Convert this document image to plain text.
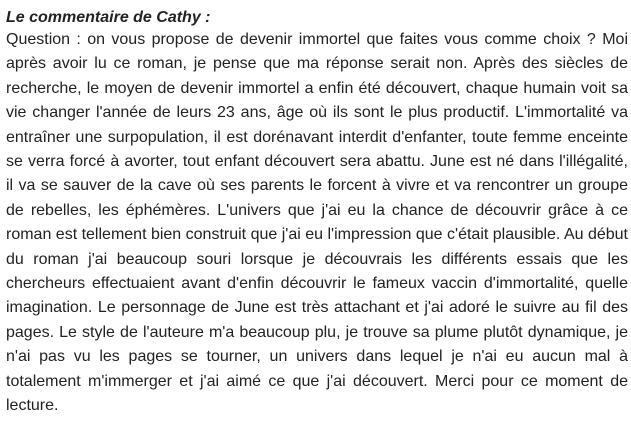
Le commentaire de Cathy :

Question : on vous propose de devenir immortel que faites vous comme choix ? Moi après avoir lu ce roman, je pense que ma réponse serait non. Après des siècles de recherche, le moyen de devenir immortel a enfin été découvert, chaque humain voit sa vie changer l'année de leurs 23 ans, âge où ils sont le plus productif. L'immortalité va entraîner une surpopulation, il est dorénavant interdit d'enfanter, toute femme enceinte se verra forcé à avorter, tout enfant découvert sera abattu. June est né dans l'illégalité, il va se sauver de la cave où ses parents le forcent à vivre et va rencontrer un groupe de rebelles, les éphémères. L'univers que j'ai eu la chance de découvrir grâce à ce roman est tellement bien construit que j'ai eu l'impression que c'était plausible. Au début du roman j'ai beaucoup souri lorsque je découvrais les différents essais que les chercheurs effectuaient avant d'enfin découvrir le fameux vaccin d'immortalité, quelle imagination. Le personnage de June est très attachant et j'ai adoré le suivre au fil des pages. Le style de l'auteure m'a beaucoup plu, je trouve sa plume plutôt dynamique, je n'ai pas vu les pages se tourner, un univers dans lequel je n'ai eu aucun mal à totalement m'immerger et j'ai aimé ce que j'ai découvert. Merci pour ce moment de lecture.
